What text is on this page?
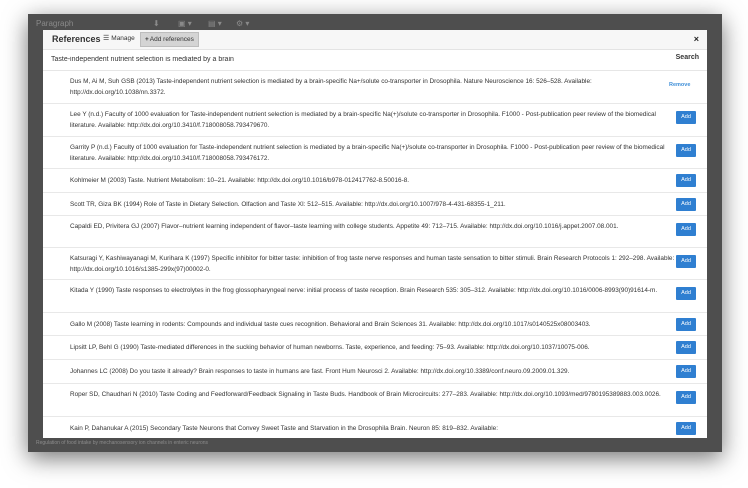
Paragraph	⬇ ▣ ▾ ▤ ▾ ⚙ ▾
Regulation of food intake by mechanosensory ion channels in enteric neurons
References ☰ Manage + Add references	×
Taste-independent nutrient selection is mediated by a brain
Search
Dus M, Ai M, Suh GSB (2013) Taste-independent nutrient selection is mediated by a brain-specific Na+/solute co-transporter in Drosophila. Nature Neuroscience 16: 526–528. Available: http://dx.doi.org/10.1038/nn.3372.
Remove
Lee Y (n.d.) Faculty of 1000 evaluation for Taste-independent nutrient selection is mediated by a brain-specific Na(+)/solute co-transporter in Drosophila. F1000 - Post-publication peer review of the biomedical literature. Available: http://dx.doi.org/10.3410/f.718008058.793479670.
Add
Garrity P (n.d.) Faculty of 1000 evaluation for Taste-independent nutrient selection is mediated by a brain-specific Na(+)/solute co-transporter in Drosophila. F1000 - Post-publication peer review of the biomedical literature. Available: http://dx.doi.org/10.3410/f.718008058.793476172.
Add
Kohlmeier M (2003) Taste. Nutrient Metabolism: 10–21. Available: http://dx.doi.org/10.1016/b978-012417762-8.50016-8.	Add
Scott TR, Giza BK (1994) Role of Taste in Dietary Selection. Olfaction and Taste XI: 512–515. Available: http://dx.doi.org/10.1007/978-4-431-68355-1_211.	Add
Capaldi ED, Privitera GJ (2007) Flavor–nutrient learning independent of flavor–taste learning with college students. Appetite 49: 712–715. Available: http://dx.doi.org/10.1016/j.appet.2007.08.001.	Add
Katsuragi Y, Kashiwayanagi M, Kurihara K (1997) Specific inhibitor for bitter taste: inhibition of frog taste nerve responses and human taste sensation to bitter stimuli. Brain Research Protocols 1: 292–298. Available: http://dx.doi.org/10.1016/s1385-299x(97)00002-0.
Add
Kitada Y (1990) Taste responses to electrolytes in the frog glossopharyngeal nerve: initial process of taste reception. Brain Research 535: 305–312. Available: http://dx.doi.org/10.1016/0006-8993(90)91614-m.	Add
Gallo M (2008) Taste learning in rodents: Compounds and individual taste cues recognition. Behavioral and Brain Sciences 31. Available: http://dx.doi.org/10.1017/s0140525x08003403.	Add
Lipsitt LP, Behl G (1990) Taste-mediated differences in the sucking behavior of human newborns. Taste, experience, and feeding: 75–93. Available: http://dx.doi.org/10.1037/10075-006.	Add
Johannes LC (2008) Do you taste it already? Brain responses to taste in humans are fast. Front Hum Neurosci 2. Available: http://dx.doi.org/10.3389/conf.neuro.09.2009.01.329.	Add
Roper SD, Chaudhari N (2010) Taste Coding and Feedforward/Feedback Signaling in Taste Buds. Handbook of Brain Microcircuits: 277–283. Available: http://dx.doi.org/10.1093/med/9780195389883.003.0026.	Add
Kain P, Dahanukar A (2015) Secondary Taste Neurons that Convey Sweet Taste and Starvation in the Drosophila Brain. Neuron 85: 819–832. Available:	Add
